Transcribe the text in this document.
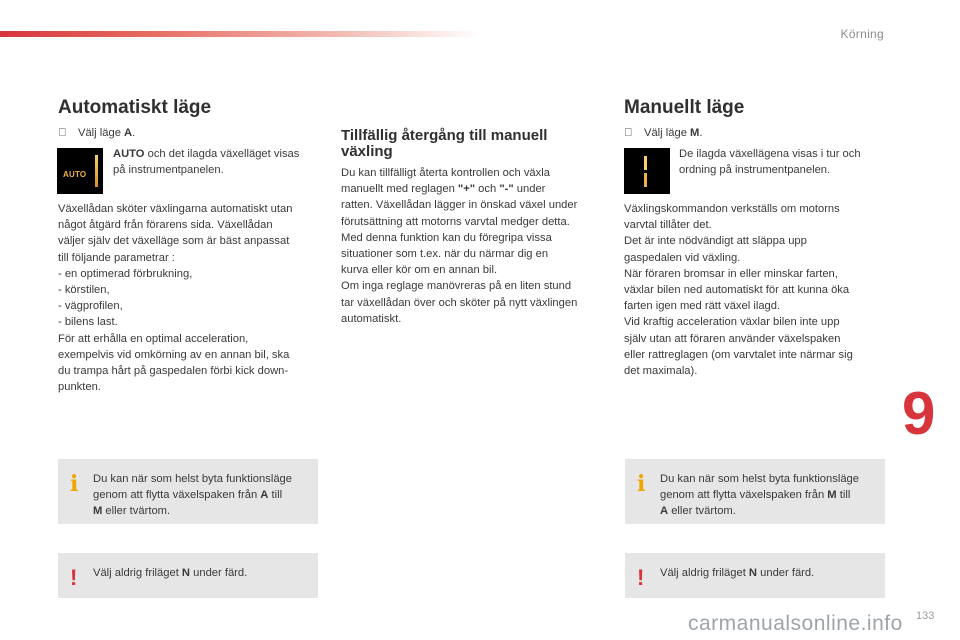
Körning
Automatiskt läge
Välj läge A.
AUTO
AUTO och det ilagda växelläget visas
på instrumentpanelen.
Växellådan sköter växlingarna automatiskt utan
något åtgärd från förarens sida. Växellådan
väljer själv det växelläge som är bäst anpassat
till följande parametrar :
- en optimerad förbrukning,
- körstilen,
- vägprofilen,
- bilens last.
För att erhålla en optimal acceleration,
exempelvis vid omkörning av en annan bil, ska
du trampa hårt på gaspedalen förbi kick down-
punkten.
i Du kan när som helst byta funktionsläge
genom att flytta växelspaken från A till
M eller tvärtom.
! Välj aldrig friläget N under färd.
Tillfällig återgång till manuell
växling
Du kan tillfälligt återta kontrollen och växla
manuellt med reglagen "+" och "-" under
ratten. Växellådan lägger in önskad växel under
förutsättning att motorns varvtal medger detta.
Med denna funktion kan du föregripa vissa
situationer som t.ex. när du närmar dig en
kurva eller kör om en annan bil.
Om inga reglage manövreras på en liten stund
tar växellådan över och sköter på nytt växlingen
automatiskt.
Manuellt läge
Välj läge M.
De ilagda växellägena visas i tur och
ordning på instrumentpanelen.
Växlingskommandon verkställs om motorns
varvtal tillåter det.
Det är inte nödvändigt att släppa upp
gaspedalen vid växling.
När föraren bromsar in eller minskar farten,
växlar bilen ned automatiskt för att kunna öka
farten igen med rätt växel ilagd.
Vid kraftig acceleration växlar bilen inte upp
själv utan att föraren använder växelspaken
eller rattreglagen (om varvtalet inte närmar sig
det maximala).
i Du kan när som helst byta funktionsläge
genom att flytta växelspaken från M till
A eller tvärtom.
! Välj aldrig friläget N under färd.
9
133
carmanualsonline.info
